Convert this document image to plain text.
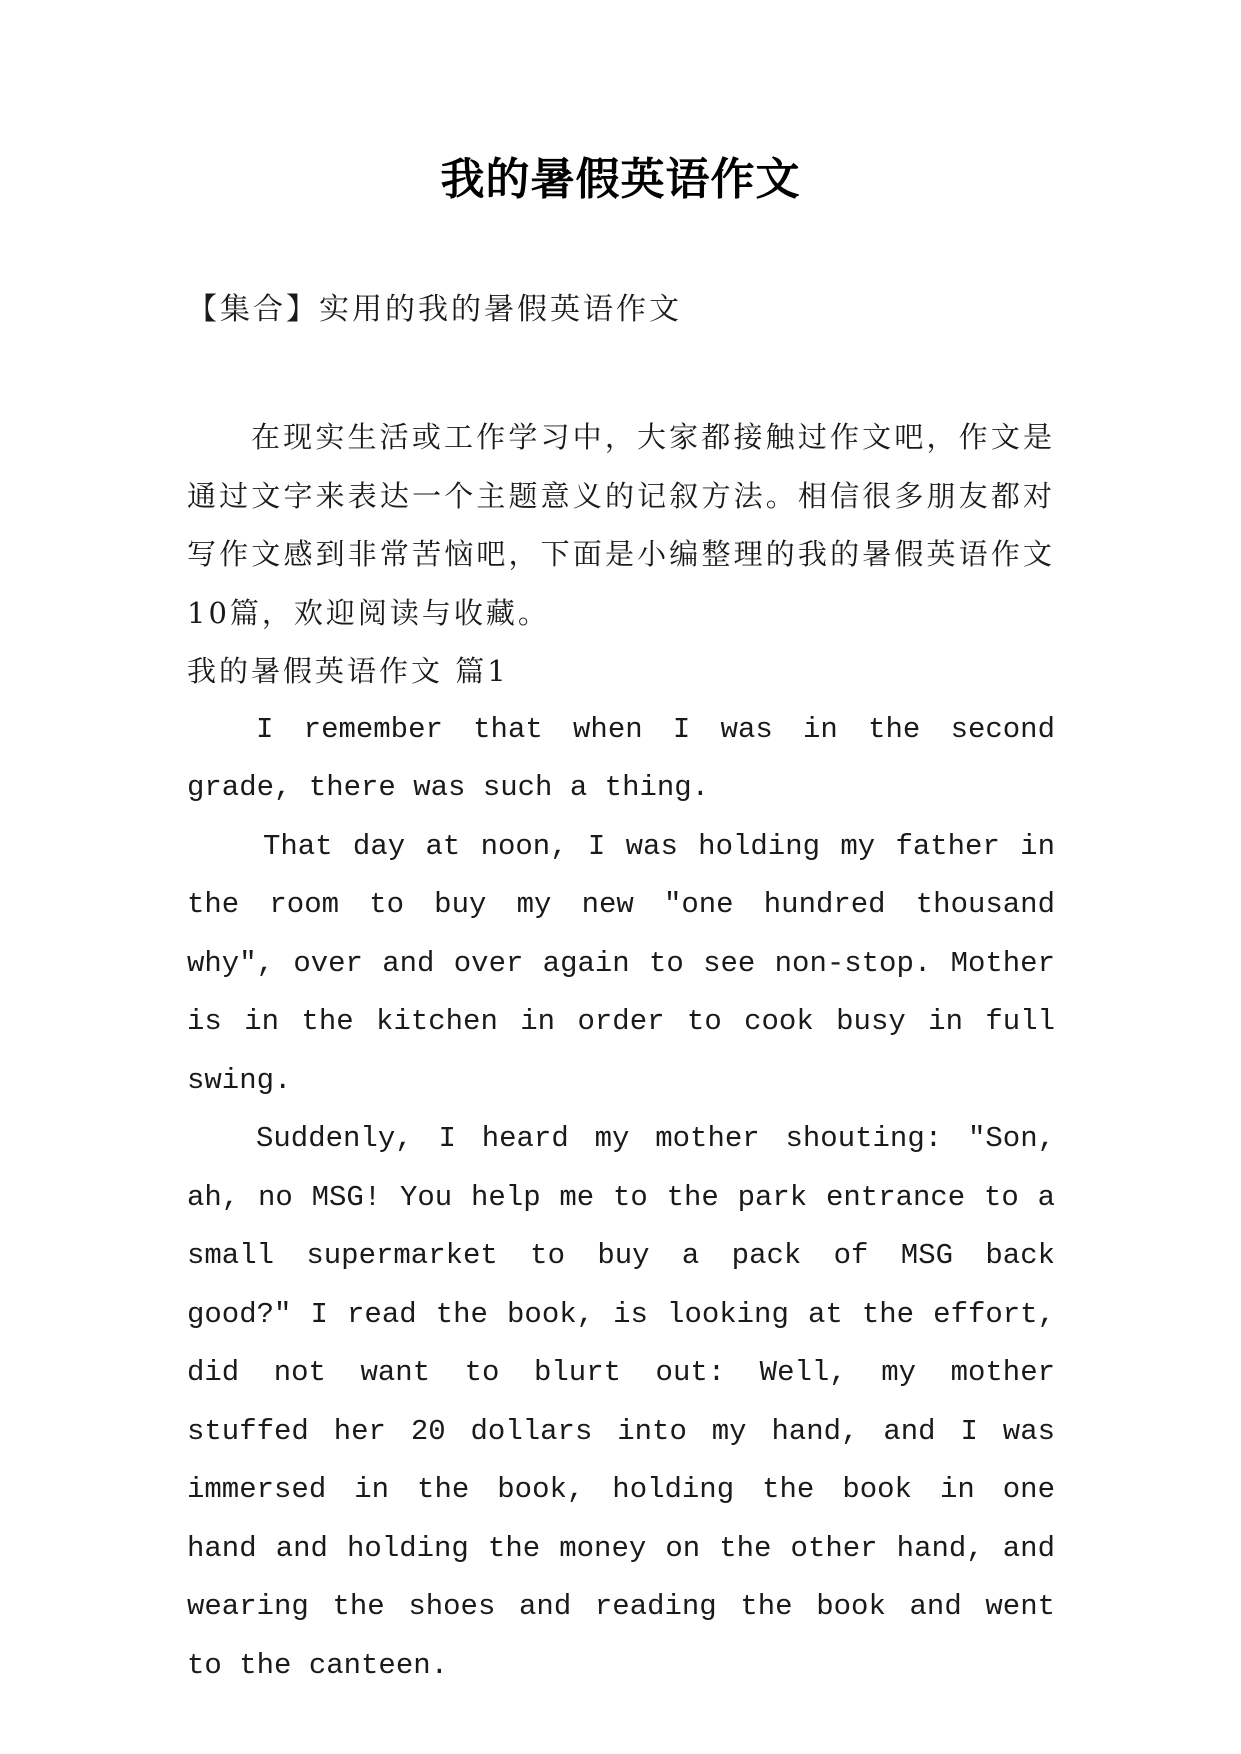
我的暑假英语作文
【集合】实用的我的暑假英语作文

在现实生活或工作学习中，大家都接触过作文吧，作文是通过文字来表达一个主题意义的记叙方法。相信很多朋友都对写作文感到非常苦恼吧，下面是小编整理的我的暑假英语作文10篇，欢迎阅读与收藏。

我的暑假英语作文 篇1

I remember that when I was in the second grade, there was such a thing.

That day at noon, I was holding my father in the room to buy my new "one hundred thousand why", over and over again to see non-stop. Mother is in the kitchen in order to cook busy in full swing.

Suddenly, I heard my mother shouting: "Son, ah, no MSG! You help me to the park entrance to a small supermarket to buy a pack of MSG back good?" I read the book, is looking at the effort, did not want to blurt out: Well, my mother stuffed her 20 dollars into my hand, and I was immersed in the book, holding the book in one hand and holding the money on the other hand, and wearing the shoes and reading the book and went to the canteen.
